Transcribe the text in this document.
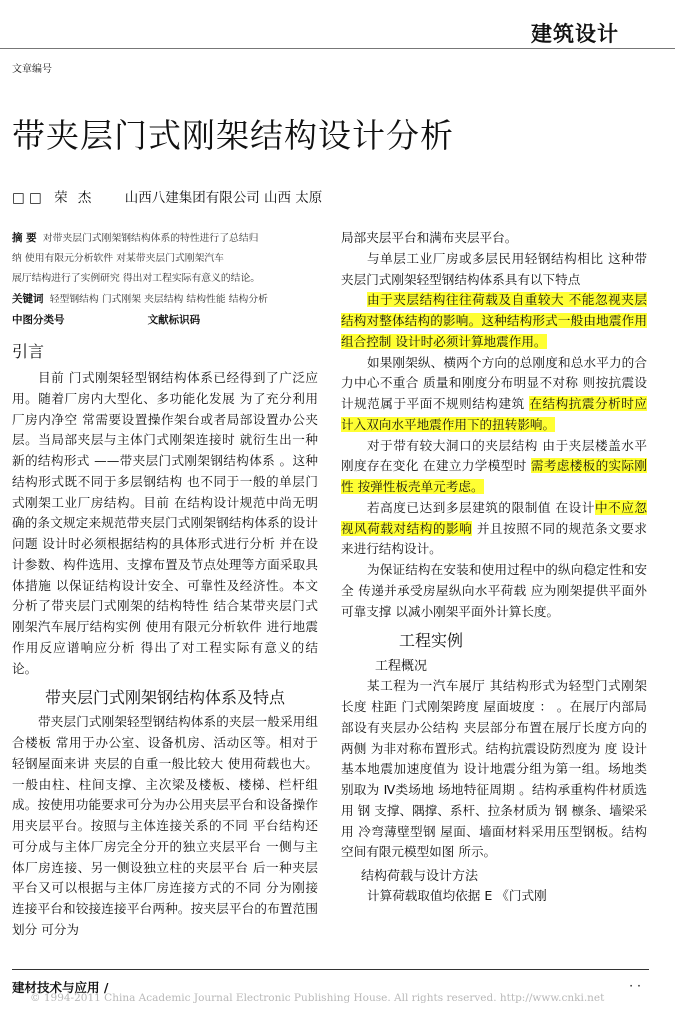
建筑设计
文章编号
带夹层门式刚架结构设计分析
□ □ 荣 杰 山西八建集团有限公司 山西 太原
摘 要 对带夹层门式刚架钢结构体系的特性进行了总结归
纳 使用有限元分析软件 对某带夹层门式刚架汽车
展厅结构进行了实例研究 得出对工程实际有意义的结论。
关键词 轻型钢结构 门式刚架 夹层结构 结构性能 结构分析
中图分类号	文献标识码
引言

目前 门式刚架轻型钢结构体系已经得到了广泛应用。随着厂房内大型化、多功能化发展 为了充分利用厂房内净空 常需要设置操作架台或者局部设置办公夹层。当局部夹层与主体门式刚架连接时 就衍生出一种新的结构形式 ——带夹层门式刚架钢结构体系 。这种结构形式既不同于多层钢结构 也不同于一般的单层门式刚架工业厂房结构。目前 在结构设计规范中尚无明确的条文规定来规范带夹层门式刚架钢结构体系的设计问题 设计时必须根据结构的具体形式进行分析 并在设计参数、构件选用、支撑布置及节点处理等方面采取具体措施 以保证结构设计安全、可靠性及经济性。本文分析了带夹层门式刚架的结构特性 结合某带夹层门式刚架汽车展厅结构实例 使用有限元分析软件 进行地震作用反应谱响应分析 得出了对工程实际有意义的结论。

带夹层门式刚架钢结构体系及特点

带夹层门式刚架轻型钢结构体系的夹层一般采用组合楼板 常用于办公室、设备机房、活动区等。相对于轻钢屋面来讲 夹层的自重一般比较大 使用荷载也大。一般由柱、柱间支撑、主次梁及楼板、楼梯、栏杆组成。按使用功能要求可分为办公用夹层平台和设备操作用夹层平台。按照与主体连接关系的不同 平台结构还可分成与主体厂房完全分开的独立夹层平台 一侧与主体厂房连接、另一侧设独立柱的夹层平台 后一种夹层平台又可以根据与主体厂房连接方式的不同 分为刚接连接平台和铰接连接平台两种。按夹层平台的布置范围划分 可分为

局部夹层平台和满布夹层平台。

与单层工业厂房或多层民用轻钢结构相比 这种带夹层门式刚架轻型钢结构体系具有以下特点

由于夹层结构往往荷载及自重较大 不能忽视夹层结构对整体结构的影响。这种结构形式一般由地震作用组合控制 设计时必须计算地震作用。

如果刚架纵、横两个方向的总刚度和总水平力的合力中心不重合 质量和刚度分布明显不对称 则按抗震设计规范属于平面不规则结构建筑 在结构抗震分析时应计入双向水平地震作用下的扭转影响。

对于带有较大洞口的夹层结构 由于夹层楼盖水平刚度存在变化 在建立力学模型时 需考虑楼板的实际刚性 按弹性板壳单元考虑。

若高度已达到多层建筑的限制值 在设计中不应忽视风荷载对结构的影响 并且按照不同的规范条文要求来进行结构设计。

为保证结构在安装和使用过程中的纵向稳定性和安全 传递并承受房屋纵向水平荷载 应为刚架提供平面外可靠支撑 以减小刚架平面外计算长度。

工程实例
工程概况

某工程为一汽车展厅 其结构形式为轻型门式刚架 长度 柱距 门式刚架跨度 屋面坡度 ： 。在展厅内部局部设有夹层办公结构 夹层部分布置在展厅长度方向的两侧 为非对称布置形式。结构抗震设防烈度为 度 设计基本地震加速度值为 设计地震分组为第一组。场地类别取为 Ⅳ类场地 场地特征周期 。结构承重构件材质选用 钢 支撑、隅撑、系杆、拉条材质为 钢 檩条、墙梁采用 冷弯薄壁型钢 屋面、墙面材料采用压型钢板。结构空间有限元模型如图 所示。

结构荷载与设计方法

计算荷载取值均依据 E 《门式刚

建材技术与应用 /	· ·
© 1994-2011 China Academic Journal Electronic Publishing House. All rights reserved. http://www.cnki.net
